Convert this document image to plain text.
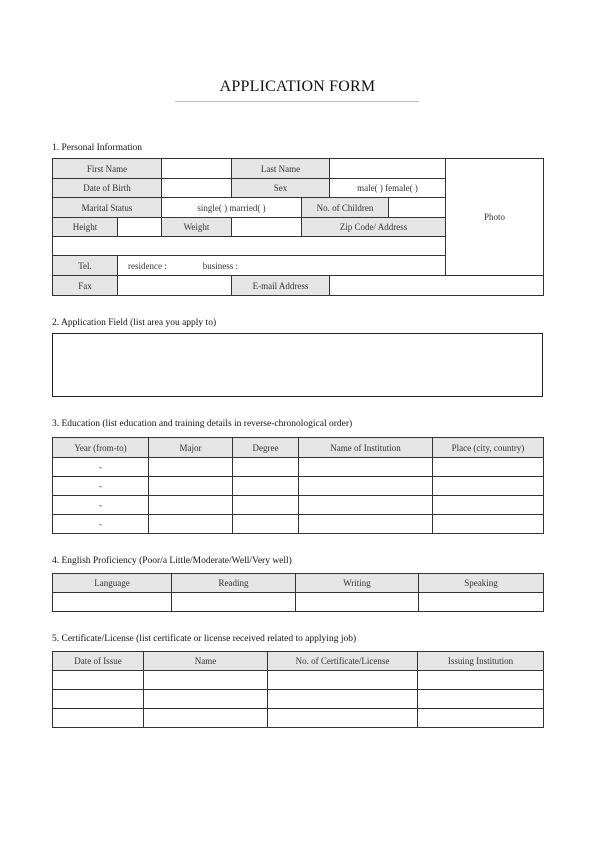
APPLICATION FORM
1. Personal Information
First Name			Last Name				Photo
Date of Birth			Sex		male( ) female( )		
Marital Status		single( ) married( )		No. of Children			
Height		Weight		Zip Code/ Address			

Tel.	residence : business :						
Fax			E-mail Address				
2. Application Field (list area you apply to)
3. Education (list education and training details in reverse-chronological order)
Year (from-to)	Major	Degree	Name of Institution	Place (city, country)
-				
-				
-				
-				
4. English Proficiency (Poor/a Little/Moderate/Well/Very well)
Language	Reading	Writing	Speaking

5. Certificate/License (list certificate or license received related to applying job)
Date of Issue	Name	No. of Certificate/License	Issuing Institution
